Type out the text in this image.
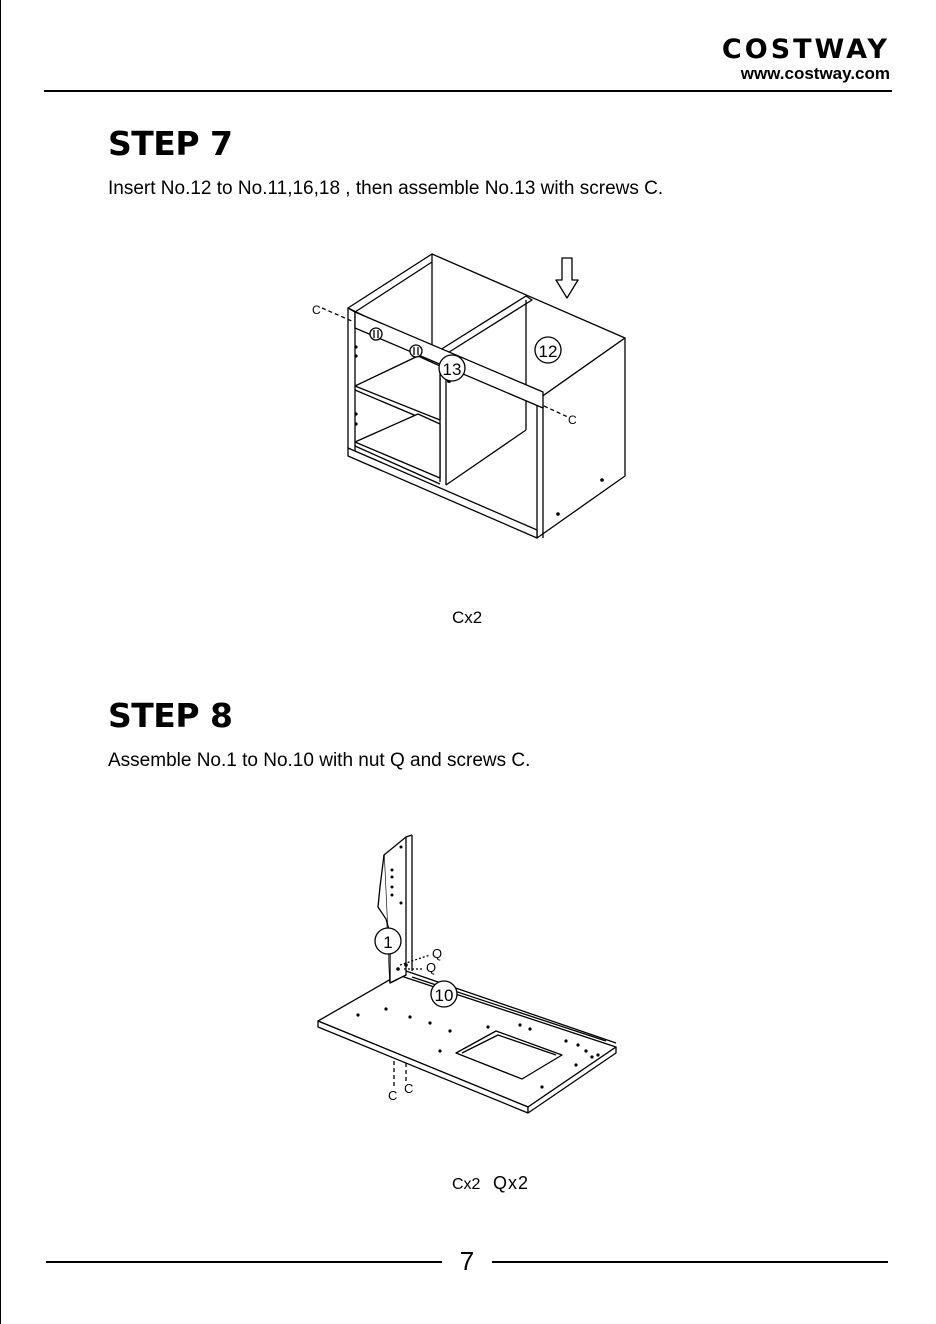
COSTWAY
www.costway.com
STEP 7
Insert No.12 to No.11,16,18 , then assemble No.13 with screws C.
13
12
C
C
Cx2
STEP 8
Assemble No.1 to No.10 with nut Q and screws C.
1
10
Q
Q
C C
Cx2 Qx2
7
